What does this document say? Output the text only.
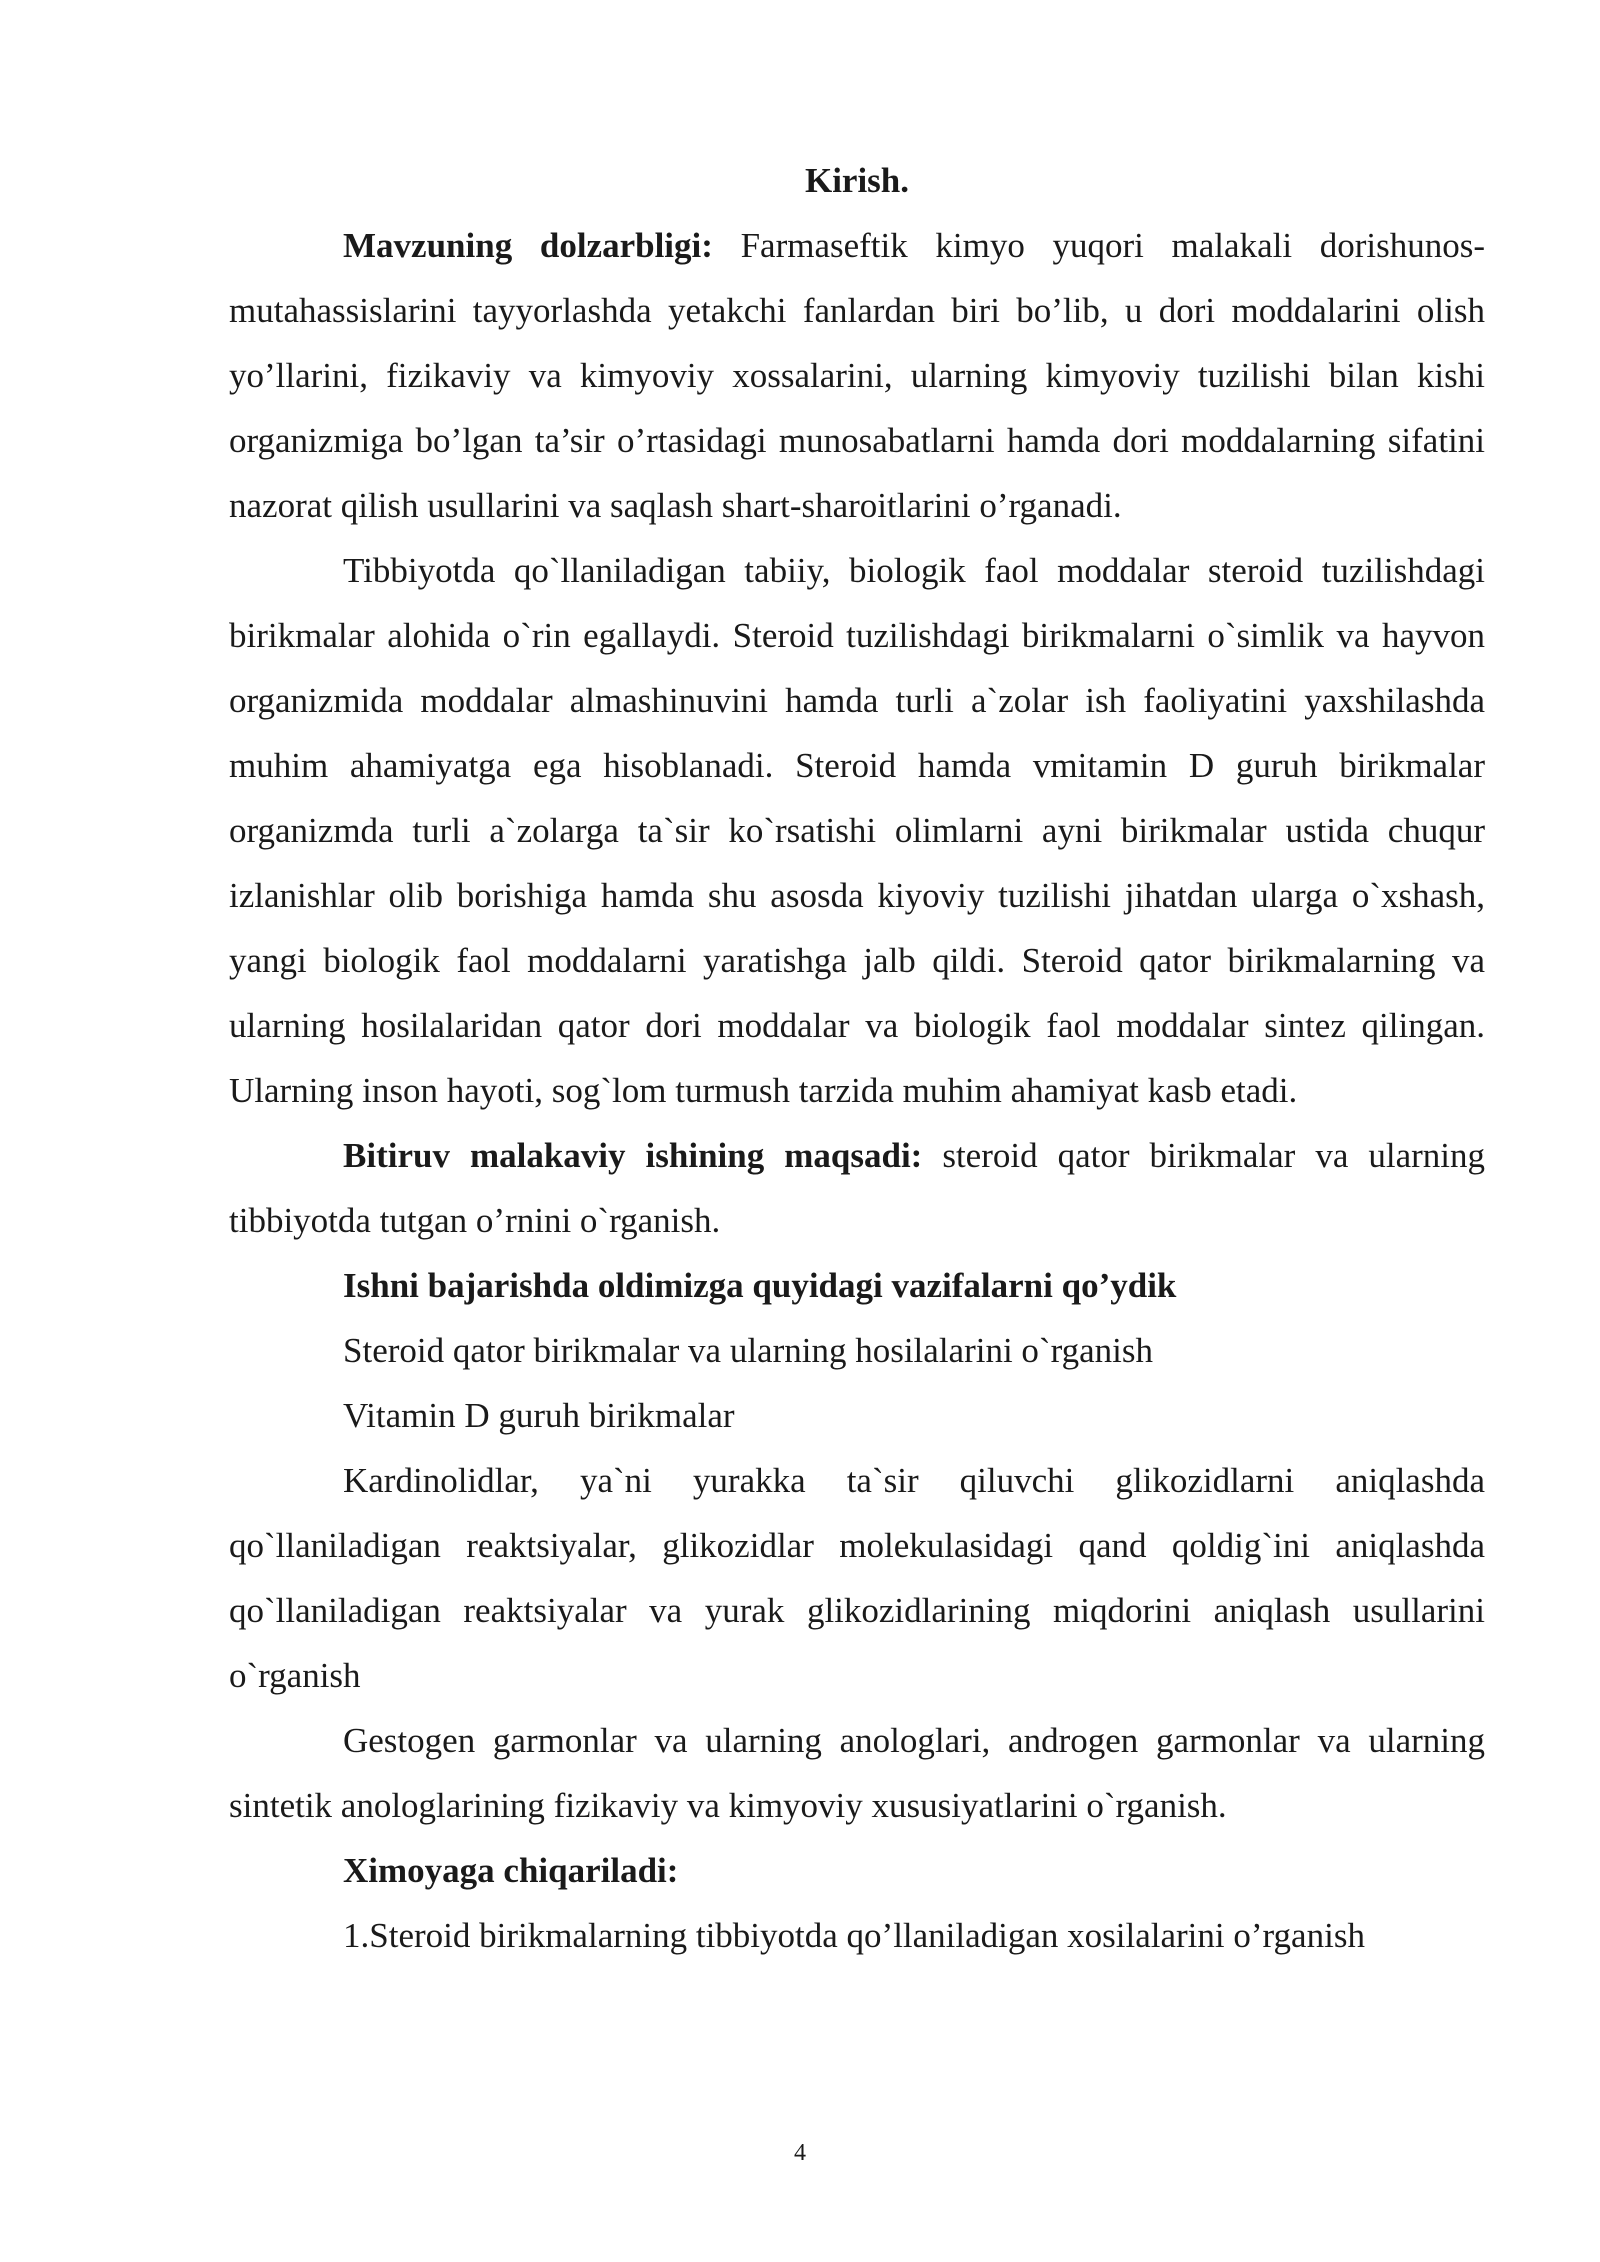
Kirish.

Mavzuning dolzarbligi: Farmaseftik kimyo yuqori malakali dorishunos-mutahassislarini tayyorlashda yetakchi fanlardan biri bo’lib, u dori moddalarini olish yo’llarini, fizikaviy va kimyoviy xossalarini, ularning kimyoviy tuzilishi bilan kishi organizmiga bo’lgan ta’sir o’rtasidagi munosabatlarni hamda dori moddalarning sifatini nazorat qilish usullarini va saqlash shart-sharoitlarini o’rganadi.

Tibbiyotda qo`llaniladigan tabiiy, biologik faol moddalar steroid tuzilishdagi birikmalar alohida o`rin egallaydi. Steroid tuzilishdagi birikmalarni o`simlik va hayvon organizmida moddalar almashinuvini hamda turli a`zolar ish faoliyatini yaxshilashda muhim ahamiyatga ega hisoblanadi. Steroid hamda vmitamin D guruh birikmalar organizmda turli a`zolarga ta`sir ko`rsatishi olimlarni ayni birikmalar ustida chuqur izlanishlar olib borishiga hamda shu asosda kiyoviy tuzilishi jihatdan ularga o`xshash, yangi biologik faol moddalarni yaratishga jalb qildi. Steroid qator birikmalarning va ularning hosilalaridan qator dori moddalar va biologik faol moddalar sintez qilingan. Ularning inson hayoti, sog`lom turmush tarzida muhim ahamiyat kasb etadi.

Bitiruv malakaviy ishining maqsadi: steroid qator birikmalar va ularning tibbiyotda tutgan o’rnini o`rganish.

Ishni bajarishda oldimizga quyidagi vazifalarni qo’ydik

Steroid qator birikmalar va ularning hosilalarini o`rganish

Vitamin D guruh birikmalar

Kardinolidlar, ya`ni yurakka ta`sir qiluvchi glikozidlarni aniqlashda qo`llaniladigan reaktsiyalar, glikozidlar molekulasidagi qand qoldig`ini aniqlashda qo`llaniladigan reaktsiyalar va yurak glikozidlarining miqdorini aniqlash usullarini o`rganish

Gestogen garmonlar va ularning anologlari, androgen garmonlar va ularning sintetik anologlarining fizikaviy va kimyoviy xususiyatlarini o`rganish.

Ximoyaga chiqariladi:

1.Steroid birikmalarning tibbiyotda qo’llaniladigan xosilalarini o’rganish

4
